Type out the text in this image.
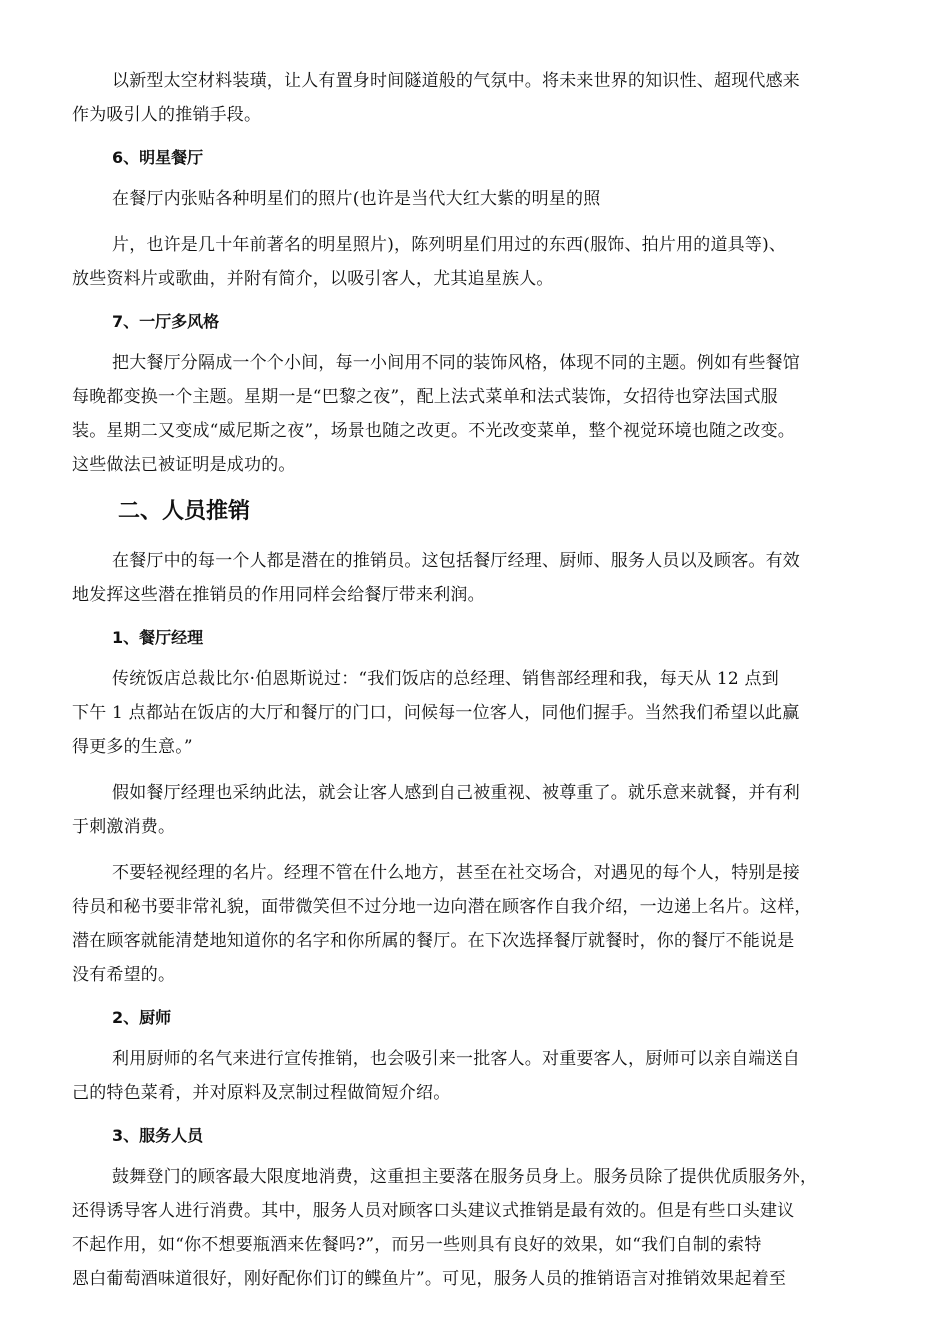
以新型太空材料装璜，让人有置身时间隧道般的气氛中。将未来世界的知识性、超现代感来
作为吸引人的推销手段。

6、明星餐厅

在餐厅内张贴各种明星们的照片(也许是当代大红大紫的明星的照

片，也许是几十年前著名的明星照片)，陈列明星们用过的东西(服饰、拍片用的道具等)、
放些资料片或歌曲，并附有简介，以吸引客人，尤其追星族人。

7、一厅多风格

把大餐厅分隔成一个个小间，每一小间用不同的装饰风格，体现不同的主题。例如有些餐馆
每晚都变换一个主题。星期一是“巴黎之夜”，配上法式菜单和法式装饰，女招待也穿法国式服
装。星期二又变成“威尼斯之夜”，场景也随之改更。不光改变菜单，整个视觉环境也随之改变。
这些做法已被证明是成功的。

二、人员推销

在餐厅中的每一个人都是潜在的推销员。这包括餐厅经理、厨师、服务人员以及顾客。有效
地发挥这些潜在推销员的作用同样会给餐厅带来利润。

1、餐厅经理

传统饭店总裁比尔·伯恩斯说过：“我们饭店的总经理、销售部经理和我，每天从 12 点到
下午 1 点都站在饭店的大厅和餐厅的门口，问候每一位客人，同他们握手。当然我们希望以此赢
得更多的生意。”

假如餐厅经理也采纳此法，就会让客人感到自己被重视、被尊重了。就乐意来就餐，并有利
于刺激消费。

不要轻视经理的名片。经理不管在什么地方，甚至在社交场合，对遇见的每个人，特别是接
待员和秘书要非常礼貌，面带微笑但不过分地一边向潜在顾客作自我介绍，一边递上名片。这样，
潜在顾客就能清楚地知道你的名字和你所属的餐厅。在下次选择餐厅就餐时，你的餐厅不能说是
没有希望的。

2、厨师

利用厨师的名气来进行宣传推销，也会吸引来一批客人。对重要客人，厨师可以亲自端送自
己的特色菜肴，并对原料及烹制过程做简短介绍。

3、服务人员

鼓舞登门的顾客最大限度地消费，这重担主要落在服务员身上。服务员除了提供优质服务外，
还得诱导客人进行消费。其中，服务人员对顾客口头建议式推销是最有效的。但是有些口头建议
不起作用，如“你不想要瓶酒来佐餐吗?”，而另一些则具有良好的效果，如“我们自制的索特
恩白葡萄酒味道很好，刚好配你们订的鲽鱼片”。可见，服务人员的推销语言对推销效果起着至
